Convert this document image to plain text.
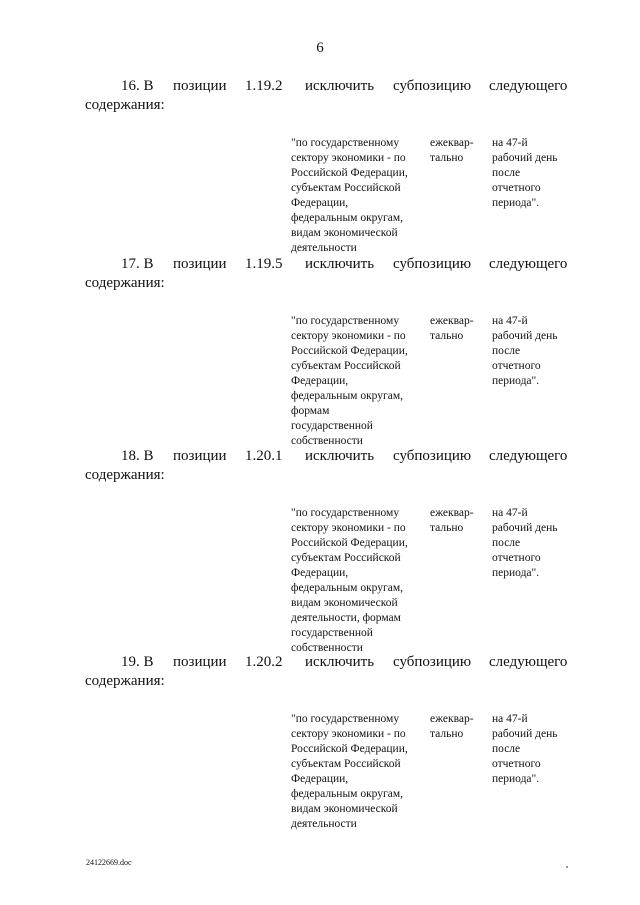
6
16. В позиции 1.19.2 исключить субпозицию следующего
содержания:
"по государственному
сектору экономики - по
Российской Федерации,
субъектам Российской
Федерации,
федеральным округам,
видам экономической
деятельности
ежеквар-
тально
на 47-й
рабочий день
после
отчетного
периода".
17. В позиции 1.19.5 исключить субпозицию следующего
содержания:
"по государственному
сектору экономики - по
Российской Федерации,
субъектам Российской
Федерации,
федеральным округам,
формам
государственной
собственности
ежеквар-
тально
на 47-й
рабочий день
после
отчетного
периода".
18. В позиции 1.20.1 исключить субпозицию следующего
содержания:
"по государственному
сектору экономики - по
Российской Федерации,
субъектам Российской
Федерации,
федеральным округам,
видам экономической
деятельности, формам
государственной
собственности
ежеквар-
тально
на 47-й
рабочий день
после
отчетного
периода".
19. В позиции 1.20.2 исключить субпозицию следующего
содержания:
"по государственному
сектору экономики - по
Российской Федерации,
субъектам Российской
Федерации,
федеральным округам,
видам экономической
деятельности
ежеквар-
тально
на 47-й
рабочий день
после
отчетного
периода".
24122669.doc
